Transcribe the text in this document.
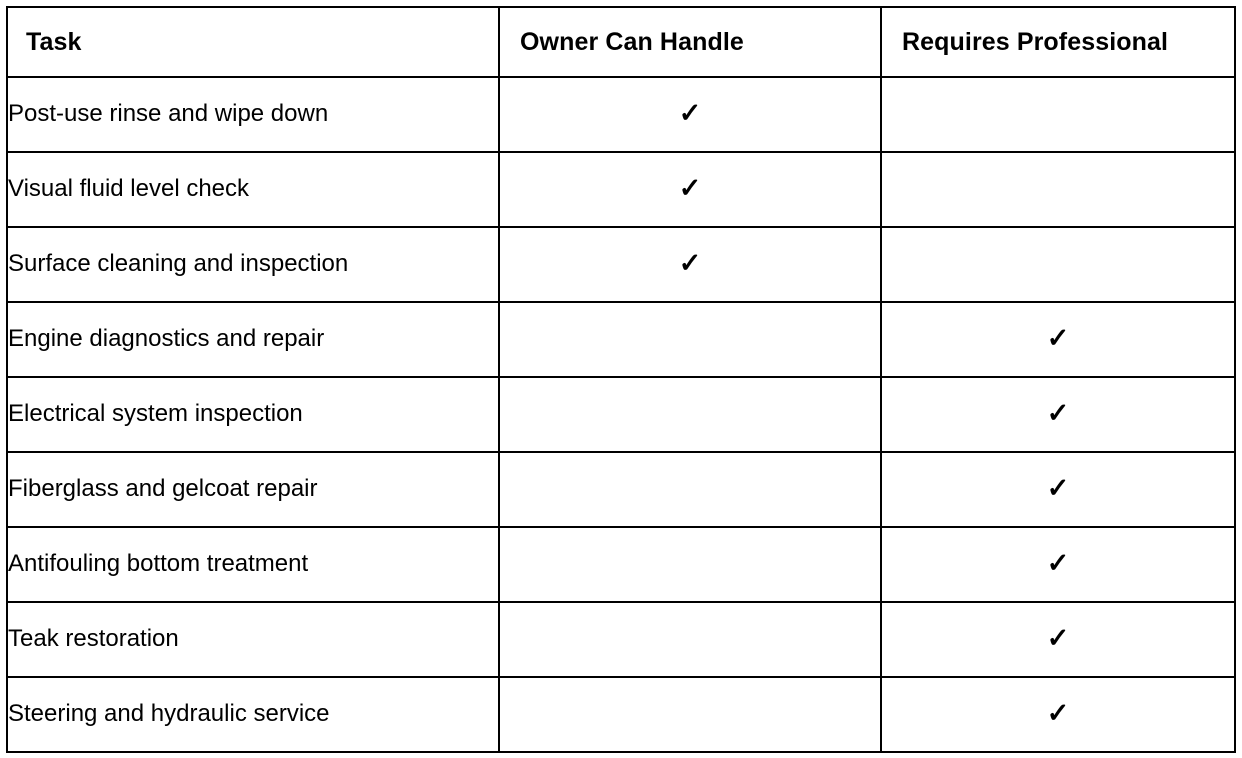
Task	Owner Can Handle	Requires Professional
Post-use rinse and wipe down	✓	
Visual fluid level check	✓	
Surface cleaning and inspection	✓	
Engine diagnostics and repair		✓
Electrical system inspection		✓
Fiberglass and gelcoat repair		✓
Antifouling bottom treatment		✓
Teak restoration		✓
Steering and hydraulic service		✓
